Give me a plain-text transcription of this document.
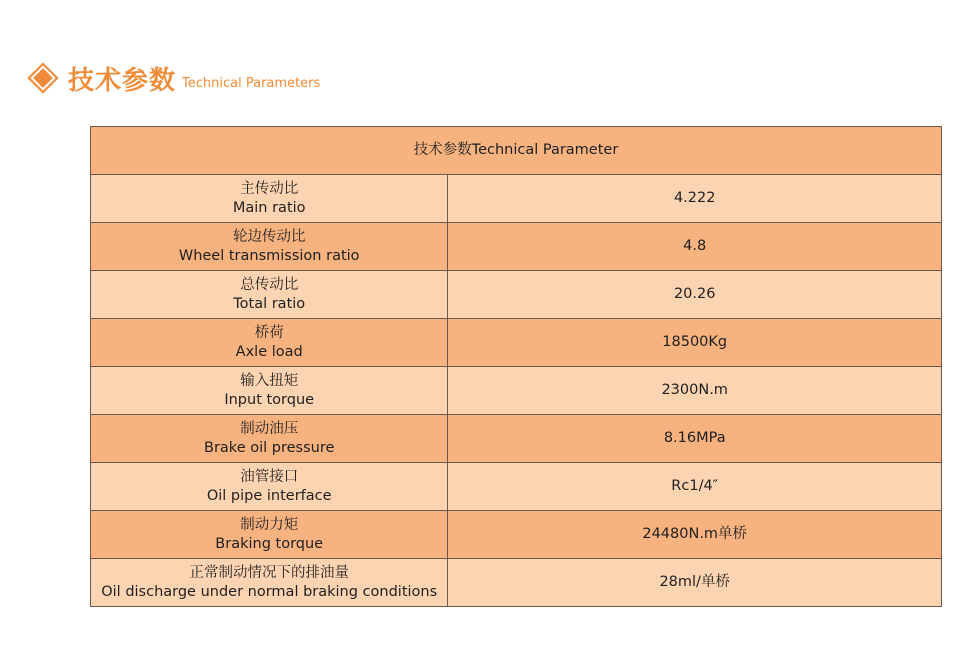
技术参数 Technical Parameters
技术参数Technical Parameter	

主传动比
Main ratio	4.222

轮边传动比
Wheel transmission ratio	4.8

总传动比
Total ratio	20.26

桥荷
Axle load	18500Kg

输入扭矩
Input torque	2300N.m

制动油压
Brake oil pressure	8.16MPa

油管接口
Oil pipe interface	Rc1/4″

制动力矩
Braking torque	24480N.m单桥

正常制动情况下的排油量
Oil discharge under normal braking conditions	28ml/单桥
